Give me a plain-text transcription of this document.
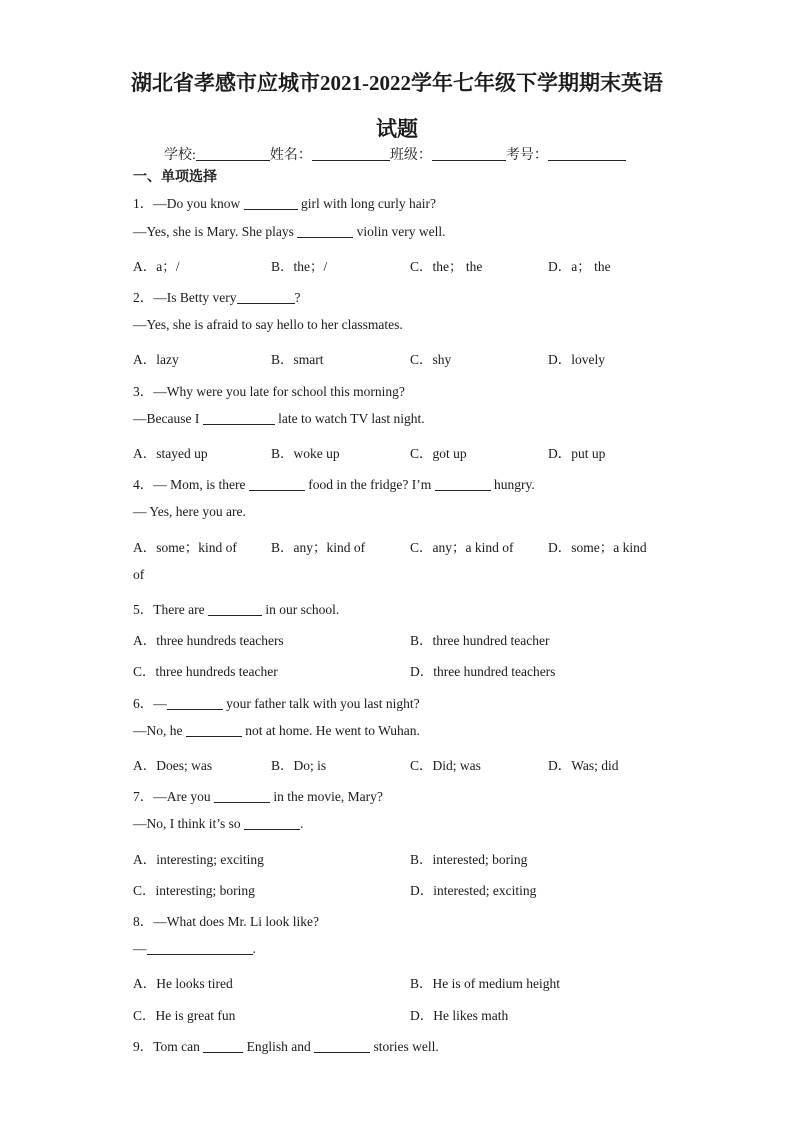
湖北省孝感市应城市2021-2022学年七年级下学期期末英语
试题
学校:	姓名：	班级：	考号：
一、单项选择
1．—Do you know	girl with long curly hair?
—Yes, she is Mary. She plays	violin very well.
A．a；/	B．the；/	C．the； the	D．a； the
2．—Is Betty very	?
—Yes, she is afraid to say hello to her classmates.
A．lazy	B．smart	C．shy	D．lovely
3．—Why were you late for school this morning?
—Because I	late to watch TV last night.
A．stayed up	B．woke up	C．got up	D．put up
4．— Mom, is there	food in the fridge? I’m	hungry.
— Yes, here you are.
A．some；kind of	B．any；kind of	C．any；a kind of	D．some；a kind
of
5．There are	in our school.
A．three hundreds teachers	B．three hundred teacher
C．three hundreds teacher	D．three hundred teachers
6．—	your father talk with you last night?
—No, he	not at home. He went to Wuhan.
A．Does; was	B．Do; is	C．Did; was	D．Was; did
7．—Are you	in the movie, Mary?
—No, I think it’s so	.
A．interesting; exciting	B．interested; boring
C．interesting; boring	D．interested; exciting
8．—What does Mr. Li look like?
—	.
A．He looks tired	B．He is of medium height
C．He is great fun	D．He likes math
9．Tom can	English and	stories well.
